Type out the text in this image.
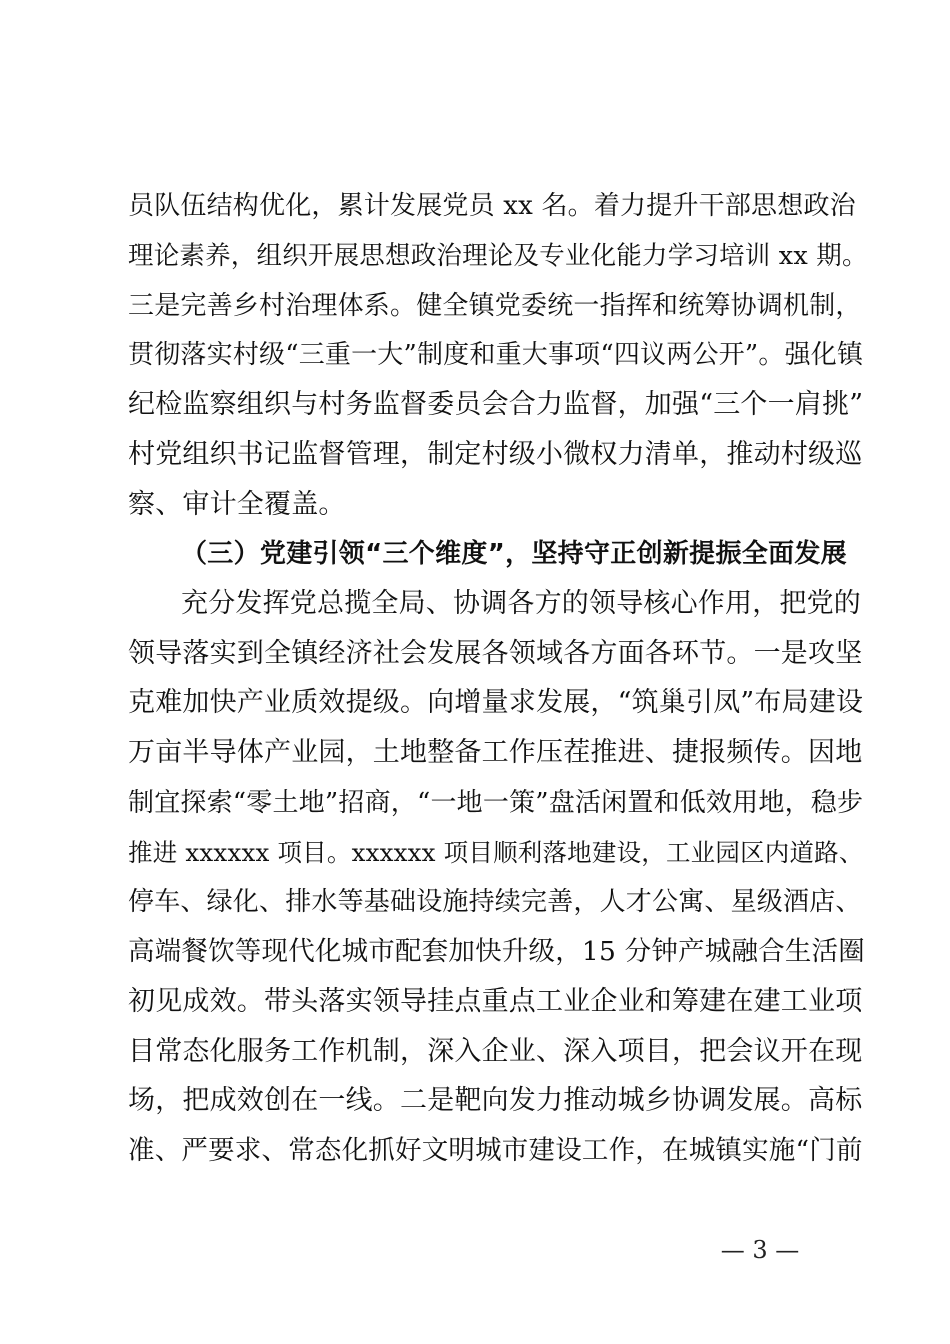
员队伍结构优化，累计发展党员 xx 名。着力提升干部思想政治
理论素养，组织开展思想政治理论及专业化能力学习培训 xx 期。
三是完善乡村治理体系。健全镇党委统一指挥和统筹协调机制，
贯彻落实村级“三重一大”制度和重大事项“四议两公开”。强化镇
纪检监察组织与村务监督委员会合力监督，加强“三个一肩挑”
村党组织书记监督管理，制定村级小微权力清单，推动村级巡
察、审计全覆盖。
（三）党建引领“三个维度”，坚持守正创新提振全面发展
充分发挥党总揽全局、协调各方的领导核心作用，把党的
领导落实到全镇经济社会发展各领域各方面各环节。一是攻坚
克难加快产业质效提级。向增量求发展，“筑巢引凤”布局建设
万亩半导体产业园，土地整备工作压茬推进、捷报频传。因地
制宜探索“零土地”招商，“一地一策”盘活闲置和低效用地，稳步
推进 xxxxxx 项目。xxxxxx 项目顺利落地建设，工业园区内道路、
停车、绿化、排水等基础设施持续完善，人才公寓、星级酒店、
高端餐饮等现代化城市配套加快升级，15 分钟产城融合生活圈
初见成效。带头落实领导挂点重点工业企业和筹建在建工业项
目常态化服务工作机制，深入企业、深入项目，把会议开在现
场，把成效创在一线。二是靶向发力推动城乡协调发展。高标
准、严要求、常态化抓好文明城市建设工作，在城镇实施“门前
— 3 —
